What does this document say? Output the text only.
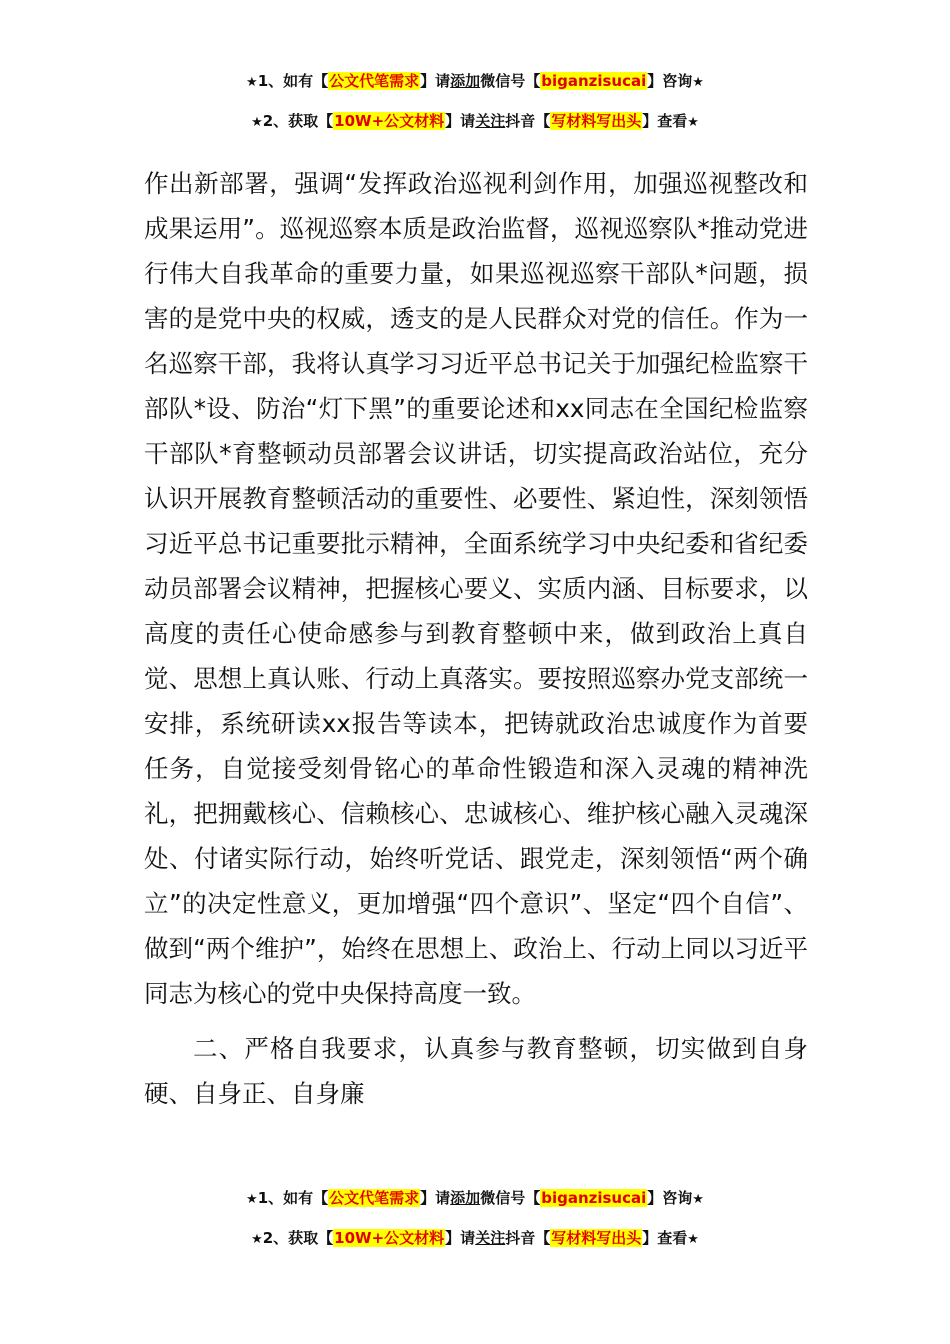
★1、如有【公文代笔需求】请添加微信号【biganzisucai】咨询★
★2、获取【10W+公文材料】请关注抖音【写材料写出头】查看★

作出新部署，强调“发挥政治巡视利剑作用，加强巡视整改和成果运用”。巡视巡察本质是政治监督，巡视巡察队*推动党进行伟大自我革命的重要力量，如果巡视巡察干部队*问题，损害的是党中央的权威，透支的是人民群众对党的信任。作为一名巡察干部，我将认真学习习近平总书记关于加强纪检监察干部队*设、防治“灯下黑”的重要论述和xx同志在全国纪检监察干部队*育整顿动员部署会议讲话，切实提高政治站位，充分认识开展教育整顿活动的重要性、必要性、紧迫性，深刻领悟习近平总书记重要批示精神，全面系统学习中央纪委和省纪委动员部署会议精神，把握核心要义、实质内涵、目标要求，以高度的责任心使命感参与到教育整顿中来，做到政治上真自觉、思想上真认账、行动上真落实。要按照巡察办党支部统一安排，系统研读xx报告等读本，把铸就政治忠诚度作为首要任务，自觉接受刻骨铭心的革命性锻造和深入灵魂的精神洗礼，把拥戴核心、信赖核心、忠诚核心、维护核心融入灵魂深处、付诸实际行动，始终听党话、跟党走，深刻领悟“两个确立”的决定性意义，更加增强“四个意识”、坚定“四个自信”、做到“两个维护”，始终在思想上、政治上、行动上同以习近平同志为核心的党中央保持高度一致。

二、严格自我要求，认真参与教育整顿，切实做到自身硬、自身正、自身廉

★1、如有【公文代笔需求】请添加微信号【biganzisucai】咨询★
★2、获取【10W+公文材料】请关注抖音【写材料写出头】查看★
